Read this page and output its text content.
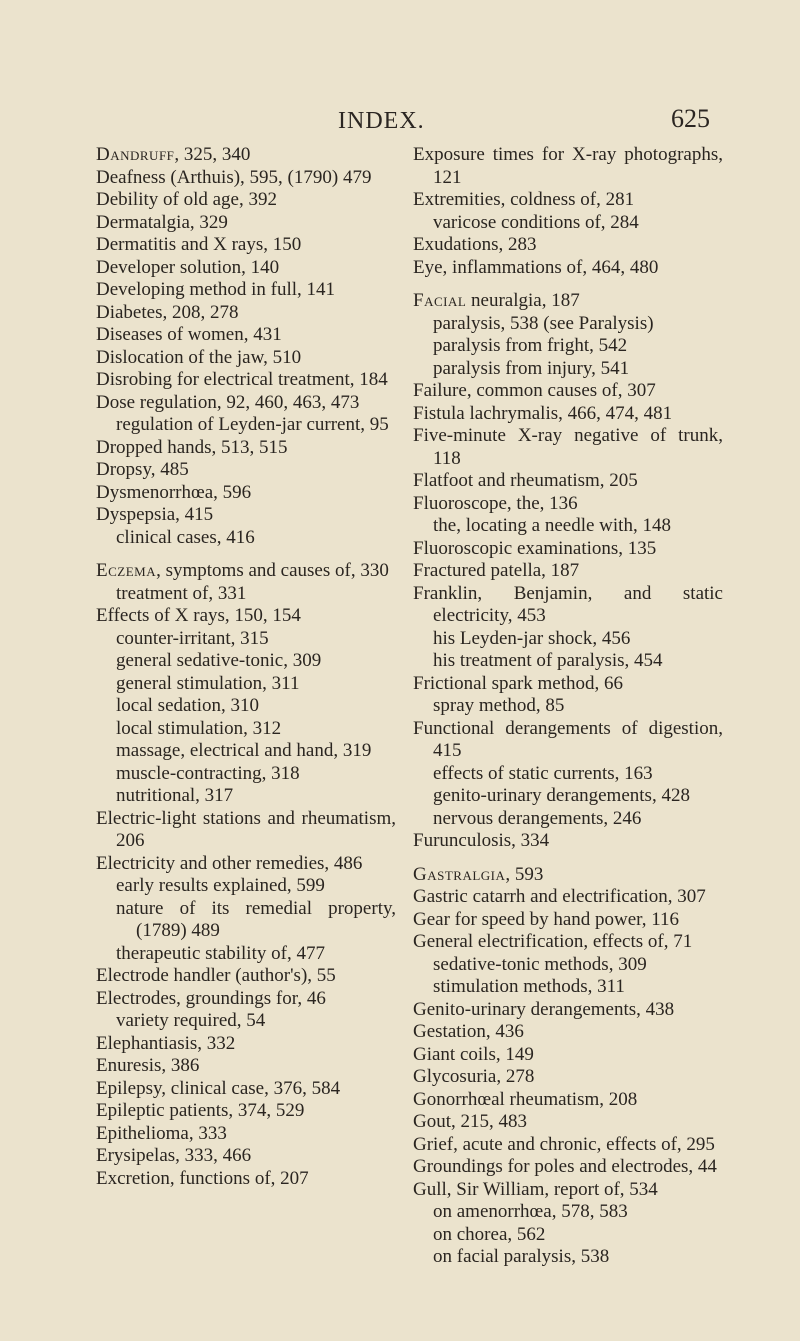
INDEX.	625
Dandruff, 325, 340
Deafness (Arthuis), 595, (1790) 479
Debility of old age, 392
Dermatalgia, 329
Dermatitis and X rays, 150
Developer solution, 140
Developing method in full, 141
Diabetes, 208, 278
Diseases of women, 431
Dislocation of the jaw, 510
Disrobing for electrical treatment, 184
Dose regulation, 92, 460, 463, 473
regulation of Leyden-jar current, 95
Dropped hands, 513, 515
Dropsy, 485
Dysmenorrhœa, 596
Dyspepsia, 415
clinical cases, 416
Eczema, symptoms and causes of, 330
treatment of, 331
Effects of X rays, 150, 154
counter-irritant, 315
general sedative-tonic, 309
general stimulation, 311
local sedation, 310
local stimulation, 312
massage, electrical and hand, 319
muscle-contracting, 318
nutritional, 317
Electric-light stations and rheumatism, 206
Electricity and other remedies, 486
early results explained, 599
nature of its remedial property, (1789) 489
therapeutic stability of, 477
Electrode handler (author's), 55
Electrodes, groundings for, 46
variety required, 54
Elephantiasis, 332
Enuresis, 386
Epilepsy, clinical case, 376, 584
Epileptic patients, 374, 529
Epithelioma, 333
Erysipelas, 333, 466
Excretion, functions of, 207
Exposure times for X-ray photographs, 121
Extremities, coldness of, 281
varicose conditions of, 284
Exudations, 283
Eye, inflammations of, 464, 480
Facial neuralgia, 187
paralysis, 538 (see Paralysis)
paralysis from fright, 542
paralysis from injury, 541
Failure, common causes of, 307
Fistula lachrymalis, 466, 474, 481
Five-minute X-ray negative of trunk, 118
Flatfoot and rheumatism, 205
Fluoroscope, the, 136
the, locating a needle with, 148
Fluoroscopic examinations, 135
Fractured patella, 187
Franklin, Benjamin, and static electricity, 453
his Leyden-jar shock, 456
his treatment of paralysis, 454
Frictional spark method, 66
spray method, 85
Functional derangements of digestion, 415
effects of static currents, 163
genito-urinary derangements, 428
nervous derangements, 246
Furunculosis, 334
Gastralgia, 593
Gastric catarrh and electrification, 307
Gear for speed by hand power, 116
General electrification, effects of, 71
sedative-tonic methods, 309
stimulation methods, 311
Genito-urinary derangements, 438
Gestation, 436
Giant coils, 149
Glycosuria, 278
Gonorrhœal rheumatism, 208
Gout, 215, 483
Grief, acute and chronic, effects of, 295
Groundings for poles and electrodes, 44
Gull, Sir William, report of, 534
on amenorrhœa, 578, 583
on chorea, 562
on facial paralysis, 538
